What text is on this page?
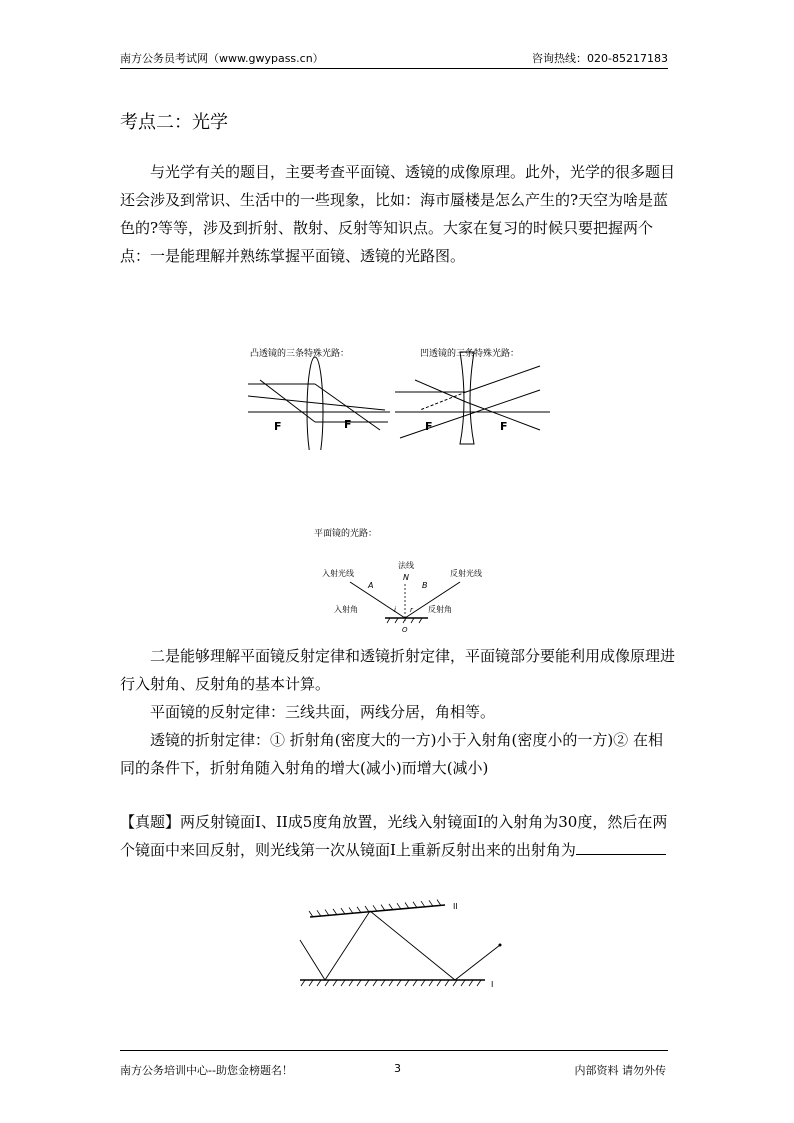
南方公务员考试网（www.gwypass.cn）	咨询热线：020-85217183
考点二：光学

与光学有关的题目，主要考查平面镜、透镜的成像原理。此外，光学的很多题目还会涉及到常识、生活中的一些现象，比如：海市蜃楼是怎么产生的?天空为啥是蓝色的?等等，涉及到折射、散射、反射等知识点。大家在复习的时候只要把握两个点：一是能理解并熟练掌握平面镜、透镜的光路图。

凸透镜的三条特殊光路：	凹透镜的三条特殊光路：
F	F	F	F
平面镜的光路：
法线
入射光线	反射光线
N
A	B
i r
入射角	反射角
O

二是能够理解平面镜反射定律和透镜折射定律，平面镜部分要能利用成像原理进行入射角、反射角的基本计算。

平面镜的反射定律：三线共面，两线分居，角相等。

透镜的折射定律：① 折射角(密度大的一方)小于入射角(密度小的一方)② 在相同的条件下，折射角随入射角的增大(减小)而增大(减小)

【真题】两反射镜面Ⅰ、II成5度角放置，光线入射镜面Ⅰ的入射角为30度，然后在两个镜面中来回反射，则光线第一次从镜面Ⅰ上重新反射出来的出射角为

II
I
南方公务培训中心--助您金榜题名！	3	内部资料 请勿外传
